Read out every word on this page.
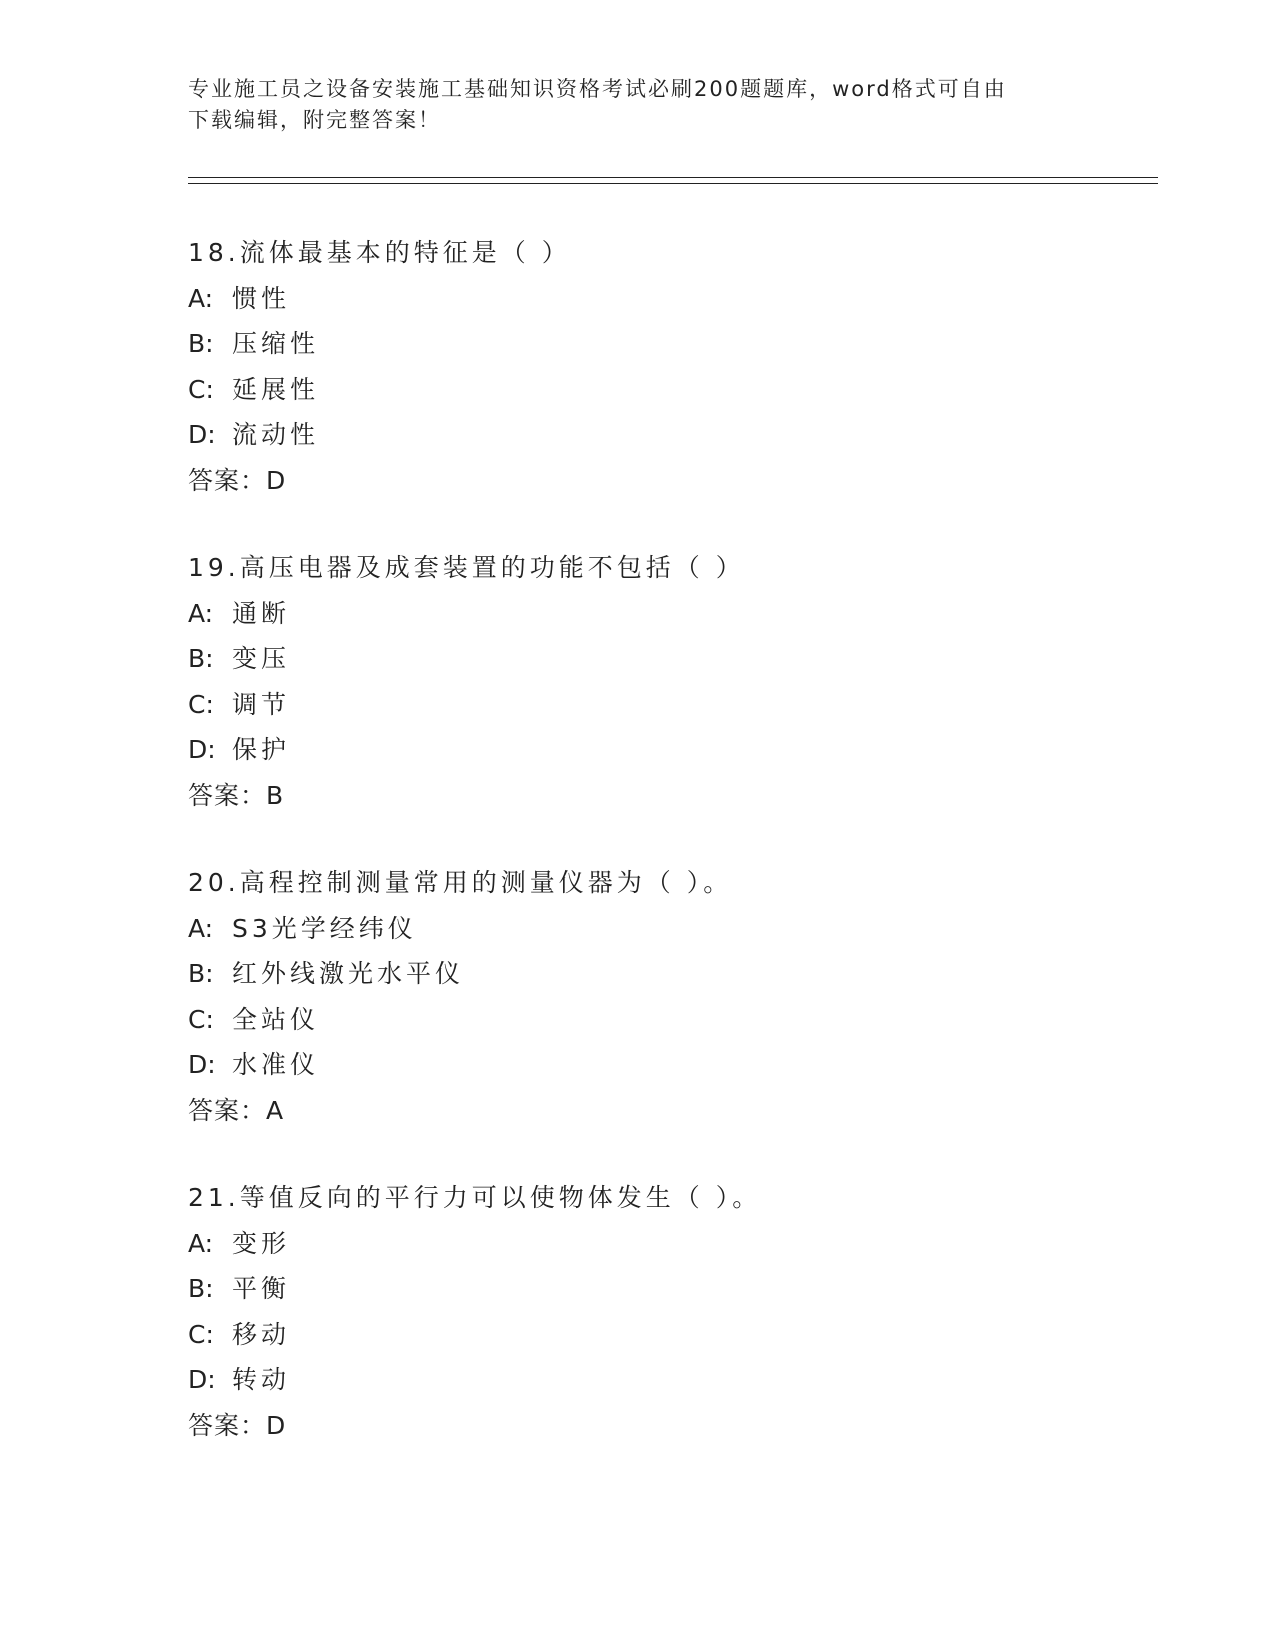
专业施工员之设备安装施工基础知识资格考试必刷200题题库，word格式可自由
下载编辑，附完整答案！
18.流体最基本的特征是（ ）
A: 惯性
B: 压缩性
C: 延展性
D: 流动性
答案：D
19.高压电器及成套装置的功能不包括（ ）
A: 通断
B: 变压
C: 调节
D: 保护
答案：B
20.高程控制测量常用的测量仪器为（ ）。
A: S3光学经纬仪
B: 红外线激光水平仪
C: 全站仪
D: 水准仪
答案：A
21.等值反向的平行力可以使物体发生（ ）。
A: 变形
B: 平衡
C: 移动
D: 转动
答案：D
